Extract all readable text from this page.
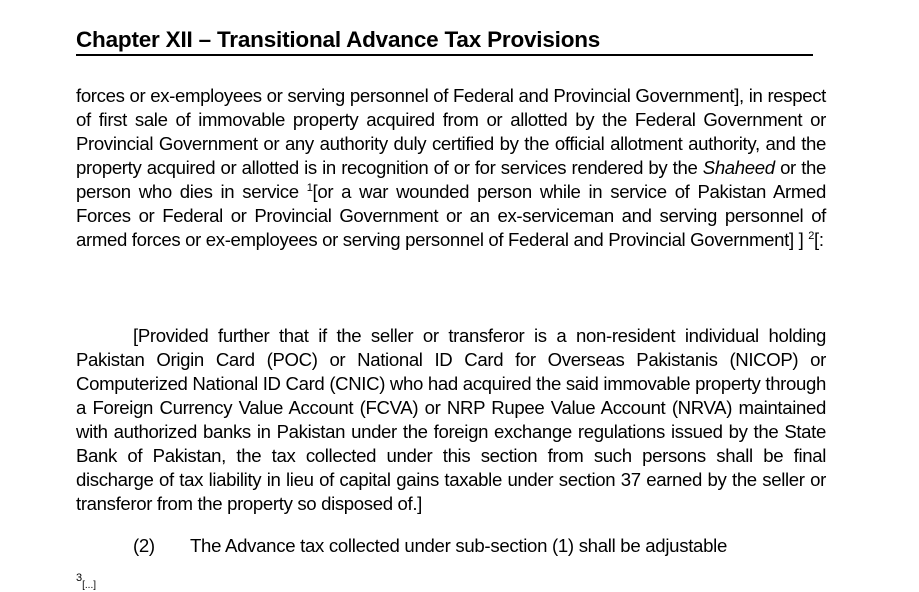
Chapter XII – Transitional Advance Tax Provisions

forces or ex-employees or serving personnel of Federal and Provincial Government], in respect of first sale of immovable property acquired from or allotted by the Federal Government or Provincial Government or any authority duly certified by the official allotment authority, and the property acquired or allotted is in recognition of or for services rendered by the Shaheed or the person who dies in service $^1$[or a war wounded person while in service of Pakistan Armed Forces or Federal or Provincial Government or an ex-serviceman and serving personnel of armed forces or ex-employees or serving personnel of Federal and Provincial Government] ] $^2$[:

[Provided further that if the seller or transferor is a non-resident individual holding Pakistan Origin Card (POC) or National ID Card for Overseas Pakistanis (NICOP) or Computerized National ID Card (CNIC) who had acquired the said immovable property through a Foreign Currency Value Account (FCVA) or NRP Rupee Value Account (NRVA) maintained with authorized banks in Pakistan under the foreign exchange regulations issued by the State Bank of Pakistan, the tax collected under this section from such persons shall be final discharge of tax liability in lieu of capital gains taxable under section 37 earned by the seller or transferor from the property so disposed of.]

(2) The Advance tax collected under sub-section (1) shall be adjustable
$^3$[...]
